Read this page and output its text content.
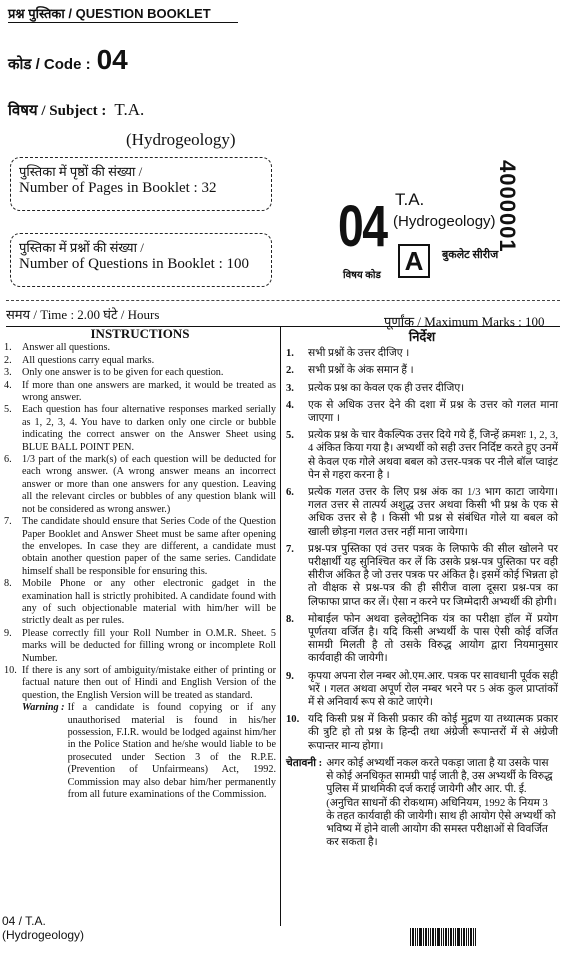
प्रश्न पुस्तिका / QUESTION BOOKLET
कोड / Code : 04
विषय / Subject : T.A.
(Hydrogeology)
पुस्तिका में पृष्ठों की संख्या /
Number of Pages in Booklet : 32
पुस्तिका में प्रश्नों की संख्या /
Number of Questions in Booklet : 100
04 T.A.
(Hydrogeology)
A
विषय कोड
बुकलेट सीरीज
4000001
समय / Time : 2.00 घंटे / Hours	पूर्णांक / Maximum Marks : 100
INSTRUCTIONS
1.	Answer all questions.
2.	All questions carry equal marks.
3.	Only one answer is to be given for each question.
4.	If more than one answers are marked, it would be treated as wrong answer.
5.	Each question has four alternative responses marked serially as 1, 2, 3, 4. You have to darken only one circle or bubble indicating the correct answer on the Answer Sheet using BLUE BALL POINT PEN.
6.	1/3 part of the mark(s) of each question will be deducted for each wrong answer. (A wrong answer means an incorrect answer or more than one answers for any question. Leaving all the relevant circles or bubbles of any question blank will not be considered as wrong answer.)
7.	The candidate should ensure that Series Code of the Question Paper Booklet and Answer Sheet must be same after opening the envelopes. In case they are different, a candidate must obtain another question paper of the same series. Candidate himself shall be responsible for ensuring this.
8.	Mobile Phone or any other electronic gadget in the examination hall is strictly prohibited. A candidate found with any of such objectionable material with him/her will be strictly dealt as per rules.
9.	Please correctly fill your Roll Number in O.M.R. Sheet. 5 marks will be deducted for filling wrong or incomplete Roll Number.
10. If there is any sort of ambiguity/mistake either of printing or factual nature then out of Hindi and English Version of the question, the English Version will be treated as standard.
Warning : If a candidate is found copying or if any unauthorised material is found in his/her possession, F.I.R. would be lodged against him/her in the Police Station and he/she would liable to be prosecuted under Section 3 of the R.P.E. (Prevention of Unfairmeans) Act, 1992. Commission may also debar him/her permanently from all future examinations of the Commission.
निर्देश
1.	सभी प्रश्नों के उत्तर दीजिए ।
2.	सभी प्रश्नों के अंक समान हैं ।
3.	प्रत्येक प्रश्न का केवल एक ही उत्तर दीजिए।
4.	एक से अधिक उत्तर देने की दशा में प्रश्न के उत्तर को गलत माना जाएगा ।
5.	प्रत्येक प्रश्न के चार वैकल्पिक उत्तर दिये गये हैं, जिन्हें क्रमशः 1, 2, 3, 4 अंकित किया गया है। अभ्यर्थी को सही उत्तर निर्दिष्ट करते हुए उनमें से केवल एक गोले अथवा बबल को उत्तर-पत्रक पर नीले बॉल प्वाइंट पेन से गहरा करना है ।
6.	प्रत्येक गलत उत्तर के लिए प्रश्न अंक का 1/3 भाग काटा जायेगा। गलत उत्तर से तात्पर्य अशुद्ध उत्तर अथवा किसी भी प्रश्न के एक से अधिक उत्तर से है । किसी भी प्रश्न से संबंधित गोले या बबल को खाली छोड़ना गलत उत्तर नहीं माना जायेगा।
7.	प्रश्न-पत्र पुस्तिका एवं उत्तर पत्रक के लिफाफे की सील खोलने पर परीक्षार्थी यह सुनिश्चित कर लें कि उसके प्रश्न-पत्र पुस्तिका पर वही सीरीज अंकित है जो उत्तर पत्रक पर अंकित है। इसमें कोई भिन्नता हो तो वीक्षक से प्रश्न-पत्र की ही सीरीज वाला दूसरा प्रश्न-पत्र का लिफाफा प्राप्त कर लें। ऐसा न करने पर जिम्मेदारी अभ्यर्थी की होगी।
8.	मोबाईल फोन अथवा इलेक्ट्रोनिक यंत्र का परीक्षा हॉल में प्रयोग पूर्णतया वर्जित है। यदि किसी अभ्यर्थी के पास ऐसी कोई वर्जित सामग्री मिलती है तो उसके विरुद्ध आयोग द्वारा नियमानुसार कार्यवाही की जायेगी।
9.	कृपया अपना रोल नम्बर ओ.एम.आर. पत्रक पर सावधानी पूर्वक सही भरें । गलत अथवा अपूर्ण रोल नम्बर भरने पर 5 अंक कुल प्राप्तांकों में से अनिवार्य रूप से काटे जाएंगे।
10. यदि किसी प्रश्न में किसी प्रकार की कोई मुद्रण या तथ्यात्मक प्रकार की त्रुटि हो तो प्रश्न के हिन्दी तथा अंग्रेजी रूपान्तरों में से अंग्रेजी रूपान्तर मान्य होगा।
चेतावनी : अगर कोई अभ्यर्थी नकल करते पकड़ा जाता है या उसके पास से कोई अनधिकृत सामग्री पाई जाती है, उस अभ्यर्थी के विरुद्ध पुलिस में प्राथमिकी दर्ज कराई जायेगी और आर. पी. ई. (अनुचित साधनों की रोकथाम) अधिनियम, 1992 के नियम 3 के तहत कार्यवाही की जायेगी। साथ ही आयोग ऐसे अभ्यर्थी को भविष्य में होने वाली आयोग की समस्त परीक्षाओं से विवर्जित कर सकता है।
04 / T.A.
(Hydrogeology)
